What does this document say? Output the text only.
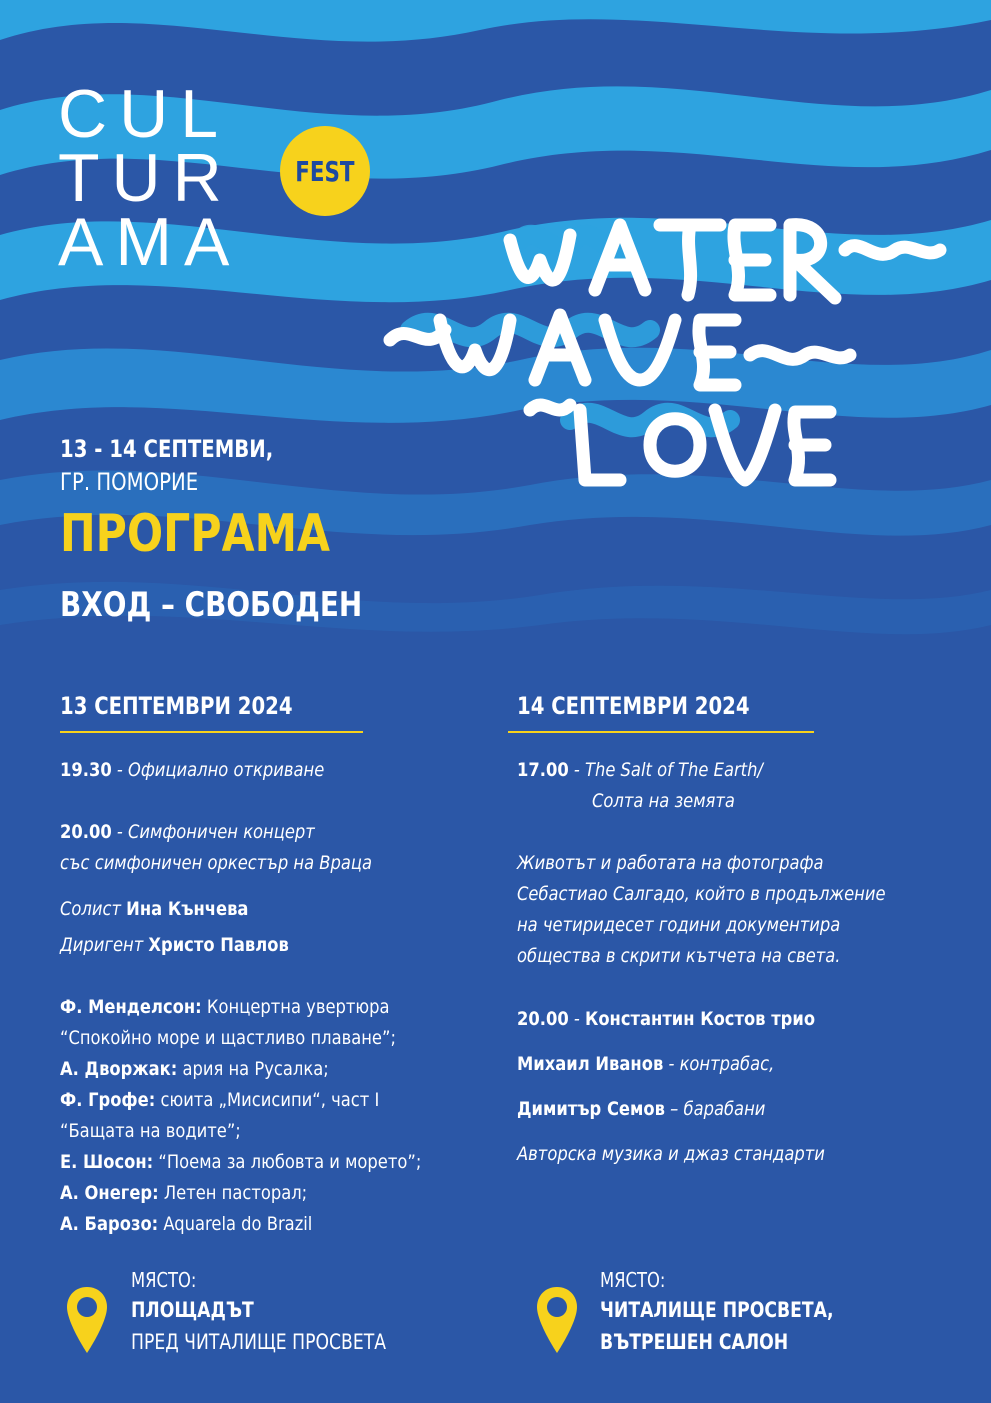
CUL
TUR
AMA
FEST
13 - 14 СЕПТЕМВИ,
ГР. ПОМОРИЕ
ПРОГРАМА
ВХОД – СВОБОДЕН
13 СЕПТЕМВРИ 2024
19.30 - Официално откриване
20.00 - Симфоничен концерт
със симфоничен оркестър на Враца
Солист Ина Кънчева
Диригент Христо Павлов
Ф. Менделсон: Концертна увертюра
“Спокойно море и щастливо плаване”;
А. Дворжак: ария на Русалка;
Ф. Грофе: сюита „Мисисипи“, част I
“Бащата на водите”;
Е. Шосон: “Поема за любовта и морето”;
А. Онегер: Летен пасторал;
А. Барозо: Aquarela do Brazil
14 СЕПТЕМВРИ 2024
17.00 - The Salt of The Earth/
Солта на земята
Животът и работата на фотографа
Себастиао Салгадо, който в продължение
на четиридесет години документира
общества в скрити кътчета на света.
20.00 - Константин Костов трио
Михаил Иванов - контрабас,
Димитър Семов – барабани
Авторска музика и джаз стандарти
МЯСТО:
ПЛОЩАДЪТ
ПРЕД ЧИТАЛИЩЕ ПРОСВЕТА
МЯСТО:
ЧИТАЛИЩЕ ПРОСВЕТА,
ВЪТРЕШЕН САЛОН
